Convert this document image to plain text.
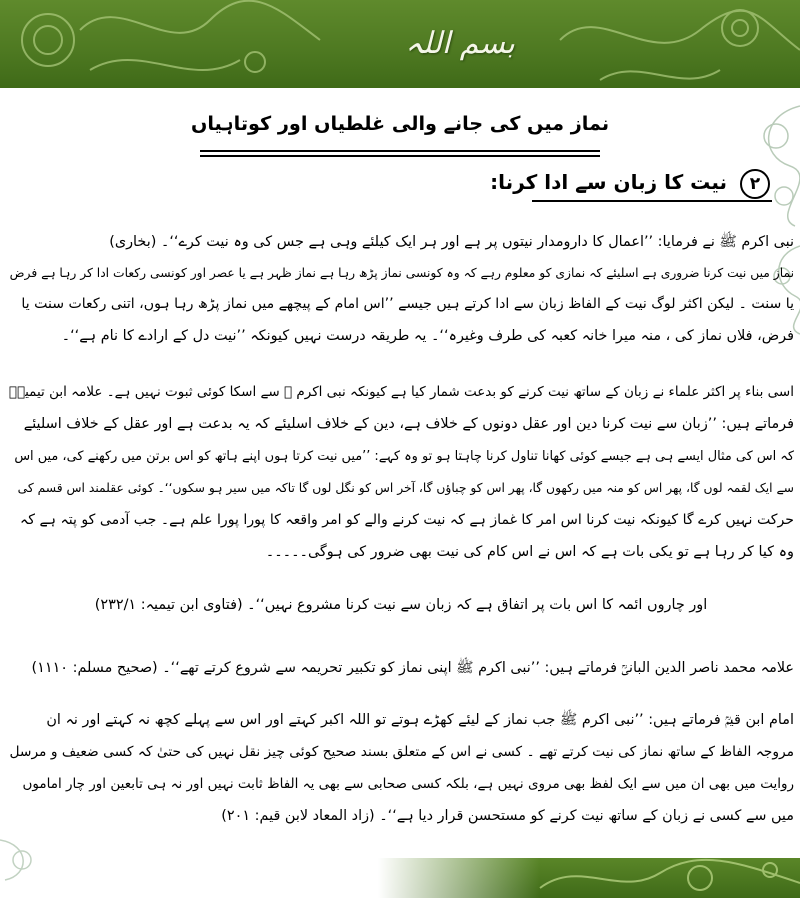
بسم اللہ
نماز میں کی جانے والی غلطیاں اور کوتاہیاں
۲ نیت کا زبان سے ادا کرنا:
نبی اکرم ﷺ نے فرمایا: ’’اعمال کا دارومدار نیتوں پر ہے اور ہر ایک کیلئے وہی ہے جس کی وہ نیت کرے‘‘۔ (بخاری)
نماز میں نیت کرنا ضروری ہے اسلیئے کہ نمازی کو معلوم رہے کہ وہ کونسی نماز پڑھ رہا ہے نماز ظہر ہے یا عصر اور کونسی رکعات ادا کر رہا ہے فرض
یا سنت ۔ لیکن اکثر لوگ نیت کے الفاظ زبان سے ادا کرتے ہیں جیسے ’’اس امام کے پیچھے میں نماز پڑھ رہا ہوں، اتنی رکعات سنت یا
فرض، فلاں نماز کی ، منہ میرا خانہ کعبہ کی طرف وغیرہ‘‘۔ یہ طریقہ درست نہیں کیونکہ ’’نیت دل کے ارادے کا نام ہے‘‘۔
اسی بناء پر اکثر علماء نے زبان کے ساتھ نیت کرنے کو بدعت شمار کیا ہے کیونکہ نبی اکرم ﷺ سے اسکا کوئی ثبوت نہیں ہے۔ علامہ ابن تیمیہؒ
فرماتے ہیں: ’’زبان سے نیت کرنا دین اور عقل دونوں کے خلاف ہے، دین کے خلاف اسلیئے کہ یہ بدعت ہے اور عقل کے خلاف اسلیئے
کہ اس کی مثال ایسے ہی ہے جیسے کوئی کھانا تناول کرنا چاہتا ہو تو وہ کہے: ’’میں نیت کرتا ہوں اپنے ہاتھ کو اس برتن میں رکھنے کی، میں اس
سے ایک لقمہ لوں گا، پھر اس کو منہ میں رکھوں گا، پھر اس کو چباؤں گا، آخر اس کو نگل لوں گا تاکہ میں سیر ہو سکوں‘‘۔ کوئی عقلمند اس قسم کی
حرکت نہیں کرے گا کیونکہ نیت کرنا اس امر کا غماز ہے کہ نیت کرنے والے کو امر واقعہ کا پورا پورا علم ہے۔ جب آدمی کو پتہ ہے کہ
وہ کیا کر رہا ہے تو یکی بات ہے کہ اس نے اس کام کی نیت بھی ضرور کی ہوگی۔۔۔۔۔
اور چاروں ائمہ کا اس بات پر اتفاق ہے کہ زبان سے نیت کرنا مشروع نہیں‘‘۔ (فتاوی ابن تیمیہ: ۲۳۲/۱)
علامہ محمد ناصر الدین البانیؒ فرماتے ہیں: ’’نبی اکرم ﷺ اپنی نماز کو تکبیر تحریمہ سے شروع کرتے تھے‘‘۔ (صحیح مسلم: ۱۱۱۰)
امام ابن قیمؒ فرماتے ہیں: ’’نبی اکرم ﷺ جب نماز کے لیئے کھڑے ہوتے تو اللہ اکبر کہتے اور اس سے پہلے کچھ نہ کہتے اور نہ ان
مروجہ الفاظ کے ساتھ نماز کی نیت کرتے تھے ۔ کسی نے اس کے متعلق بسند صحیح کوئی چیز نقل نہیں کی حتیٰ کہ کسی ضعیف و مرسل
روایت میں بھی ان میں سے ایک لفظ بھی مروی نہیں ہے، بلکہ کسی صحابی سے بھی یہ الفاظ ثابت نہیں اور نہ ہی تابعین اور چار اماموں
میں سے کسی نے زبان کے ساتھ نیت کرنے کو مستحسن قرار دیا ہے‘‘۔ (زاد المعاد لابن قیم: ۲۰۱)
